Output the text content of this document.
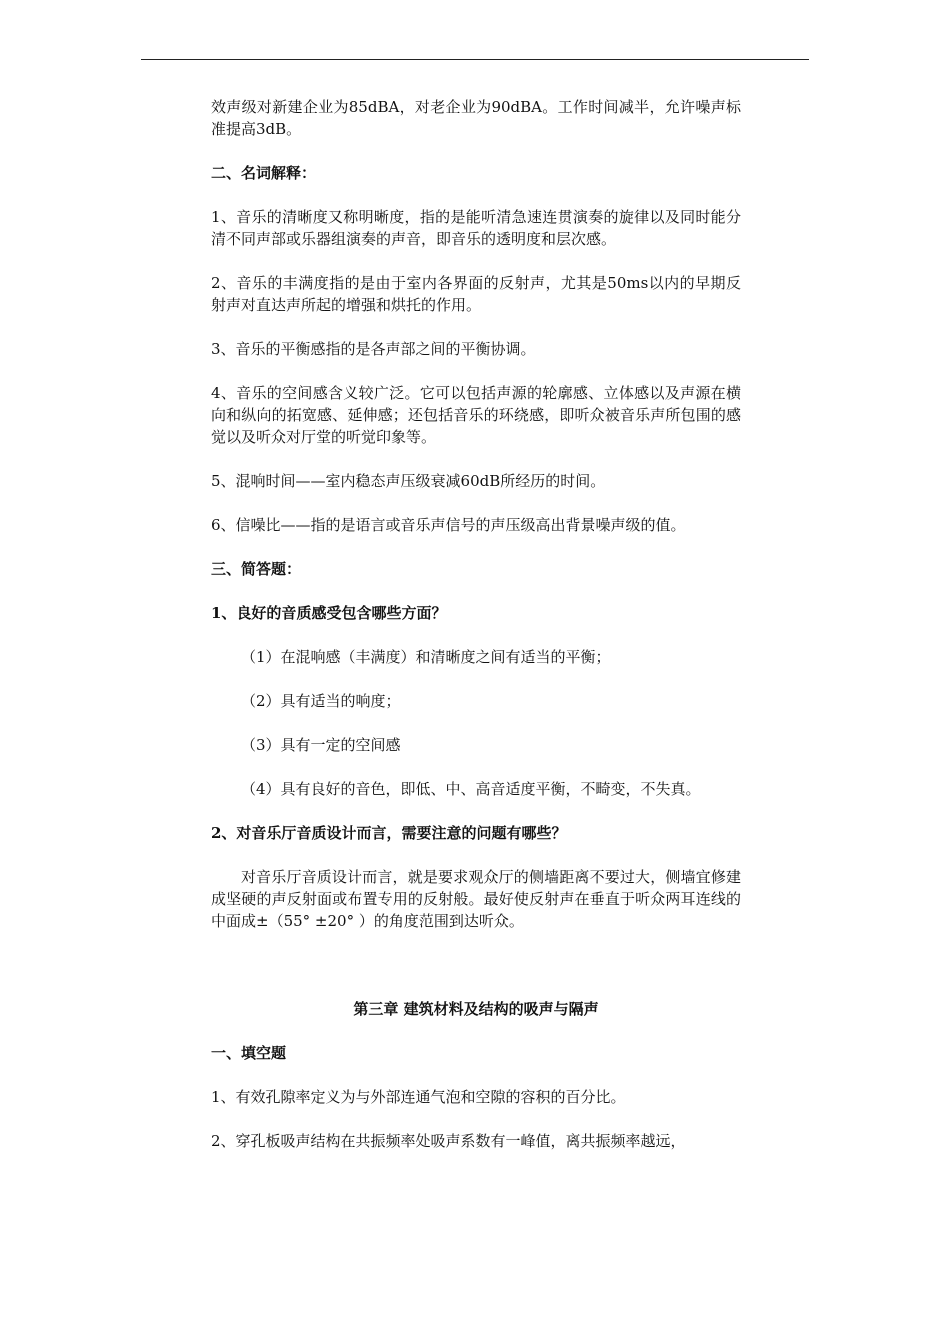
效声级对新建企业为85dBA，对老企业为90dBA。工作时间减半，允许噪声标准提高3dB。

二、名词解释：

1、音乐的清晰度又称明晰度，指的是能听清急速连贯演奏的旋律以及同时能分清不同声部或乐器组演奏的声音，即音乐的透明度和层次感。

2、音乐的丰满度指的是由于室内各界面的反射声，尤其是50ms以内的早期反射声对直达声所起的增强和烘托的作用。

3、音乐的平衡感指的是各声部之间的平衡协调。

4、音乐的空间感含义较广泛。它可以包括声源的轮廓感、立体感以及声源在横向和纵向的拓宽感、延伸感；还包括音乐的环绕感，即听众被音乐声所包围的感觉以及听众对厅堂的听觉印象等。

5、混响时间——室内稳态声压级衰减60dB所经历的时间。

6、信噪比——指的是语言或音乐声信号的声压级高出背景噪声级的值。

三、简答题：

1、良好的音质感受包含哪些方面？

（1）在混响感（丰满度）和清晰度之间有适当的平衡；

（2）具有适当的响度；

（3）具有一定的空间感

（4）具有良好的音色，即低、中、高音适度平衡，不畸变，不失真。

2、对音乐厅音质设计而言，需要注意的问题有哪些？

对音乐厅音质设计而言，就是要求观众厅的侧墙距离不要过大，侧墙宜修建成坚硬的声反射面或布置专用的反射般。最好使反射声在垂直于听众两耳连线的中面成±（55° ±20° ）的角度范围到达听众。

第三章 建筑材料及结构的吸声与隔声

一、填空题

1、有效孔隙率定义为与外部连通气泡和空隙的容积的百分比。

2、穿孔板吸声结构在共振频率处吸声系数有一峰值，离共振频率越远，
